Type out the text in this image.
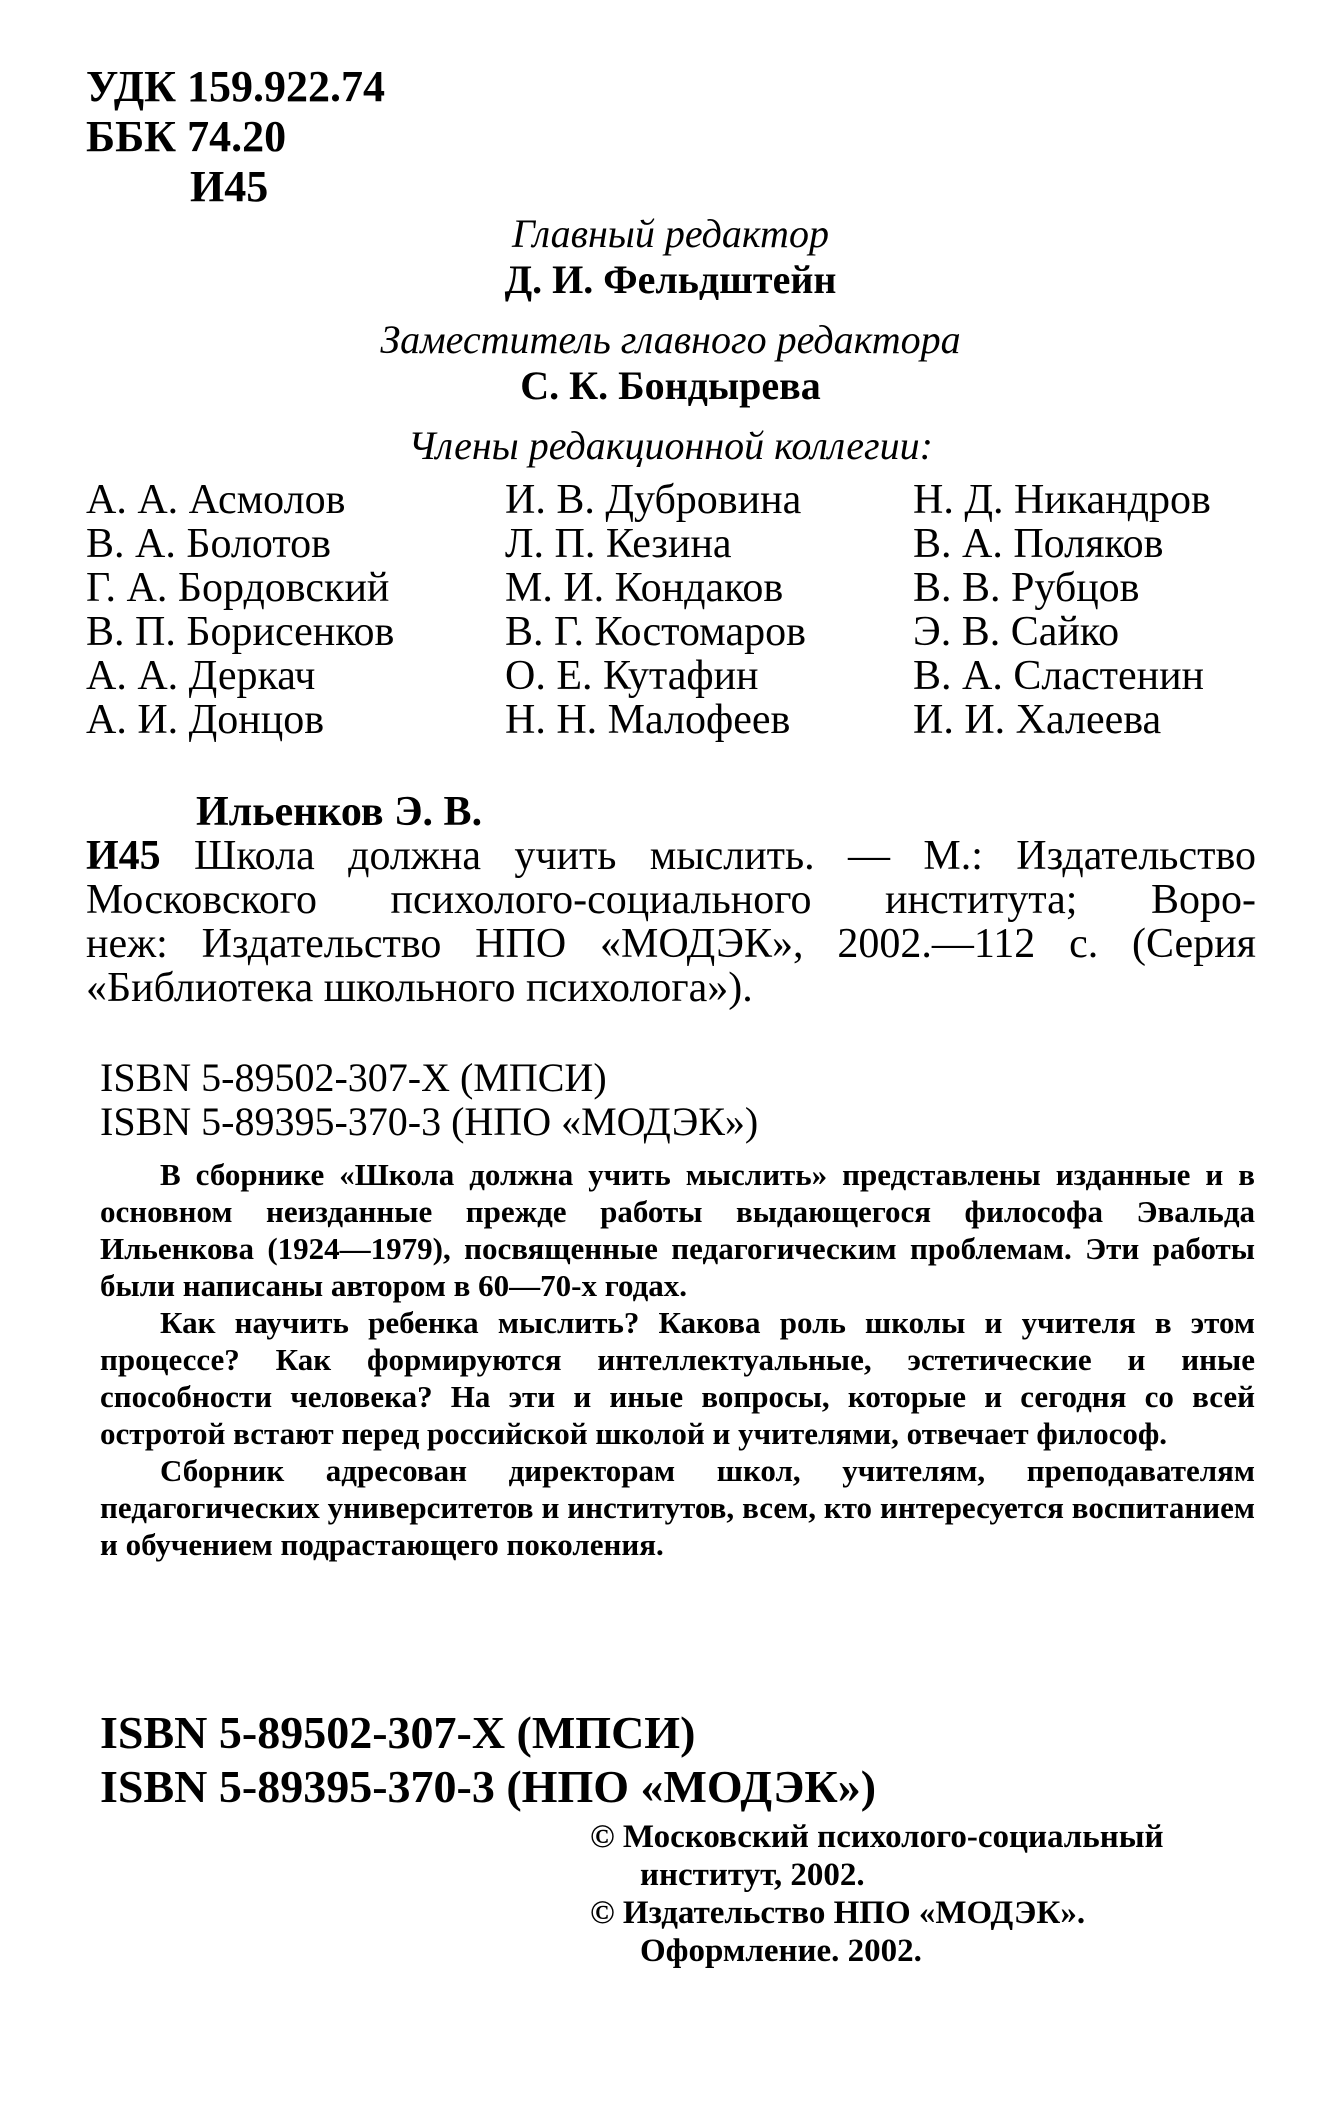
УДК 159.922.74
ББК 74.20
И45
Главный редактор
Д. И. Фельдштейн
Заместитель главного редактора
С. К. Бондырева
Члены редакционной коллегии:
А. А. Асмолов
В. А. Болотов
Г. А. Бордовский
В. П. Борисенков
А. А. Деркач
А. И. Донцов
И. В. Дубровина
Л. П. Кезина
М. И. Кондаков
В. Г. Костомаров
О. Е. Кутафин
Н. Н. Малофеев
Н. Д. Никандров
В. А. Поляков
В. В. Рубцов
Э. В. Сайко
В. А. Сластенин
И. И. Халеева
Ильенков Э. В.
И45 Школа должна учить мыслить. — М.: Издательство
Московского психолого-социального института; Воро-
неж: Издательство НПО «МОДЭК», 2002.—112 с. (Серия
«Библиотека школьного психолога»).
ISBN 5-89502-307-Х (МПСИ)
ISBN 5-89395-370-3 (НПО «МОДЭК»)

В сборнике «Школа должна учить мыслить» представлены изданные и в основном неизданные прежде работы выдающегося философа Эвальда Ильенкова (1924—1979), посвященные педагогическим проблемам. Эти работы были написаны автором в 60—70-х годах.

Как научить ребенка мыслить? Какова роль школы и учителя в этом процессе? Как формируются интеллектуальные, эстетические и иные способности человека? На эти и иные вопросы, которые и сегодня со всей остротой встают перед российской школой и учителями, отвечает философ.

Сборник адресован директорам школ, учителям, преподавателям педагогических университетов и институтов, всем, кто интересуется воспитанием и обучением подрастающего поколения.

ISBN 5-89502-307-Х (МПСИ)
ISBN 5-89395-370-3 (НПО «МОДЭК»)
© Московский психолого-социальный
институт, 2002.
© Издательство НПО «МОДЭК».
Оформление. 2002.
